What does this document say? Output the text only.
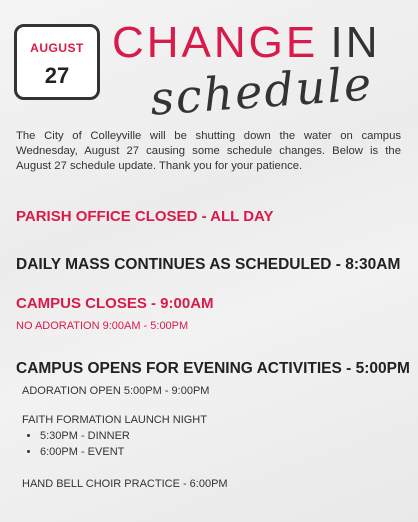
AUGUST
27
CHANGE IN
schedule
The City of Colleyville will be shutting down the water on campus Wednesday, August 27 causing some schedule changes. Below is the August 27 schedule update. Thank you for your patience.
PARISH OFFICE CLOSED - ALL DAY
DAILY MASS CONTINUES AS SCHEDULED - 8:30AM
CAMPUS CLOSES - 9:00AM
NO ADORATION 9:00AM - 5:00PM
CAMPUS OPENS FOR EVENING ACTIVITIES - 5:00PM
ADORATION OPEN 5:00PM - 9:00PM
FAITH FORMATION LAUNCH NIGHT
• 5:30PM - DINNER
• 6:00PM - EVENT
HAND BELL CHOIR PRACTICE - 6:00PM
